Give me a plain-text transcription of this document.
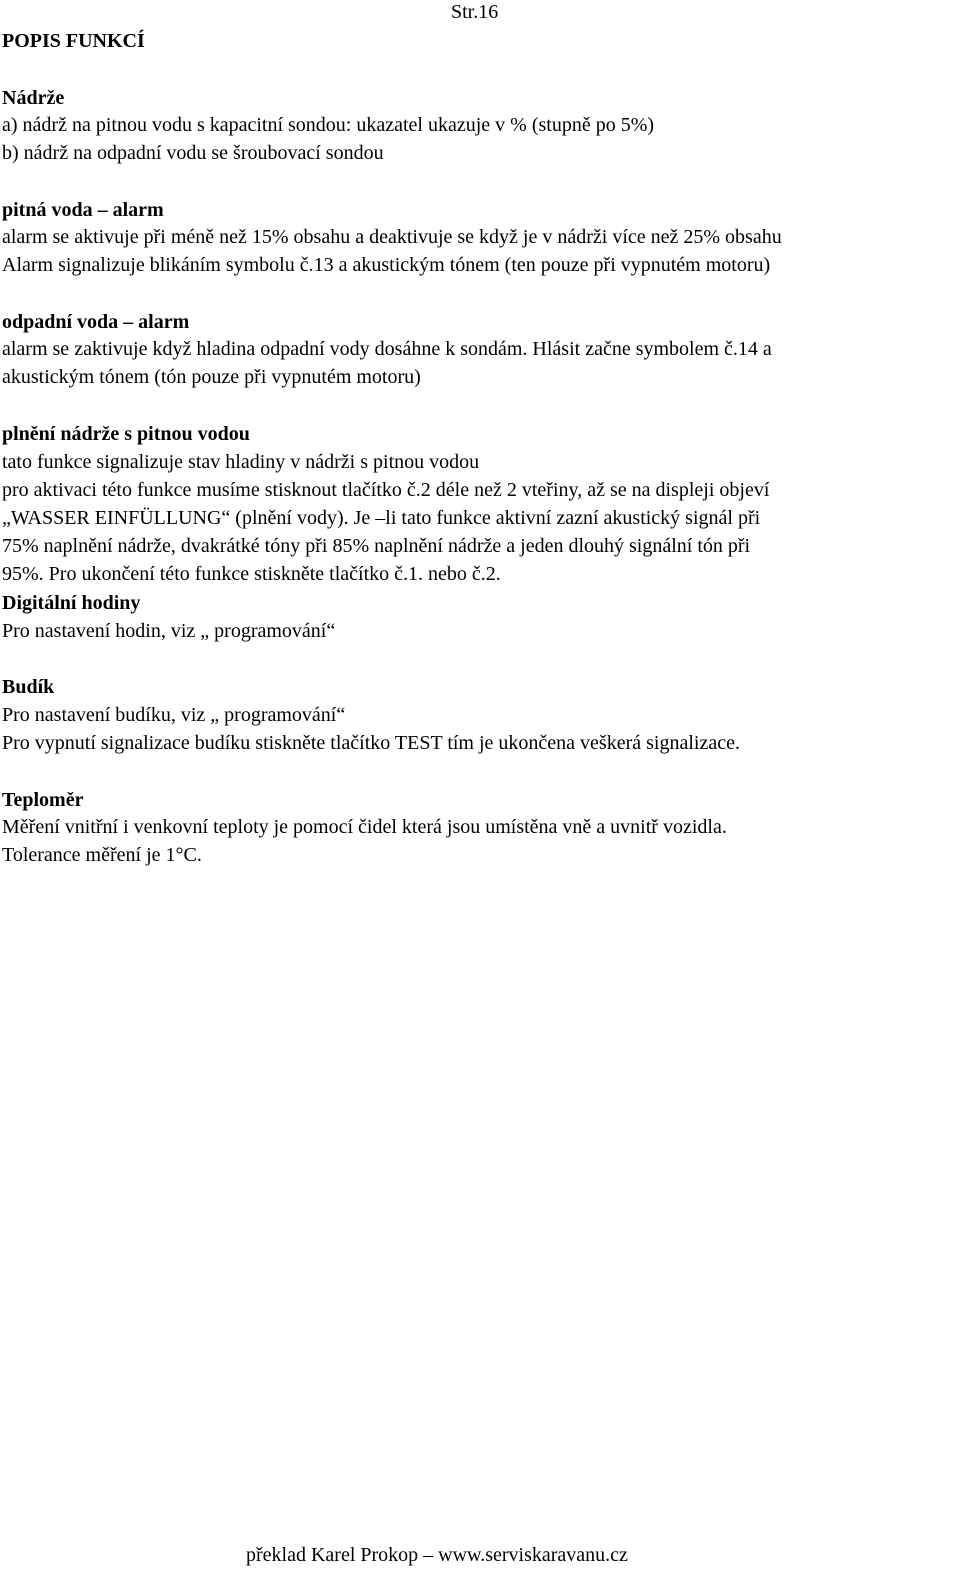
Str.16
POPIS FUNKCÍ
Nádrže
a) nádrž na pitnou vodu s kapacitní sondou: ukazatel ukazuje v % (stupně po 5%)
b) nádrž na odpadní vodu se šroubovací sondou
pitná voda – alarm
alarm se aktivuje při méně než 15% obsahu a deaktivuje se když je v nádrži více než 25% obsahu
Alarm signalizuje blikáním symbolu č.13 a akustickým tónem (ten pouze při vypnutém motoru)
odpadní voda – alarm
alarm se zaktivuje když hladina odpadní vody dosáhne k sondám. Hlásit začne symbolem č.14 a
akustickým tónem (tón pouze při vypnutém motoru)
plnění nádrže s pitnou vodou
tato funkce signalizuje stav hladiny v nádrži s pitnou vodou
pro aktivaci této funkce musíme stisknout tlačítko č.2 déle než 2 vteřiny, až se na displeji objeví
„WASSER EINFÜLLUNG“ (plnění vody). Je –li tato funkce aktivní zazní akustický signál při
75% naplnění nádrže, dvakrátké tóny při 85% naplnění nádrže a jeden dlouhý signální tón při
95%. Pro ukončení této funkce stiskněte tlačítko č.1. nebo č.2.
Digitální hodiny
Pro nastavení hodin, viz „ programování“
Budík
Pro nastavení budíku, viz „ programování“
Pro vypnutí signalizace budíku stiskněte tlačítko TEST tím je ukončena veškerá signalizace.
Teploměr
Měření vnitřní i venkovní teploty je pomocí čidel která jsou umístěna vně a uvnitř vozidla.
Tolerance měření je 1°C.
překlad Karel Prokop – www.serviskaravanu.cz
